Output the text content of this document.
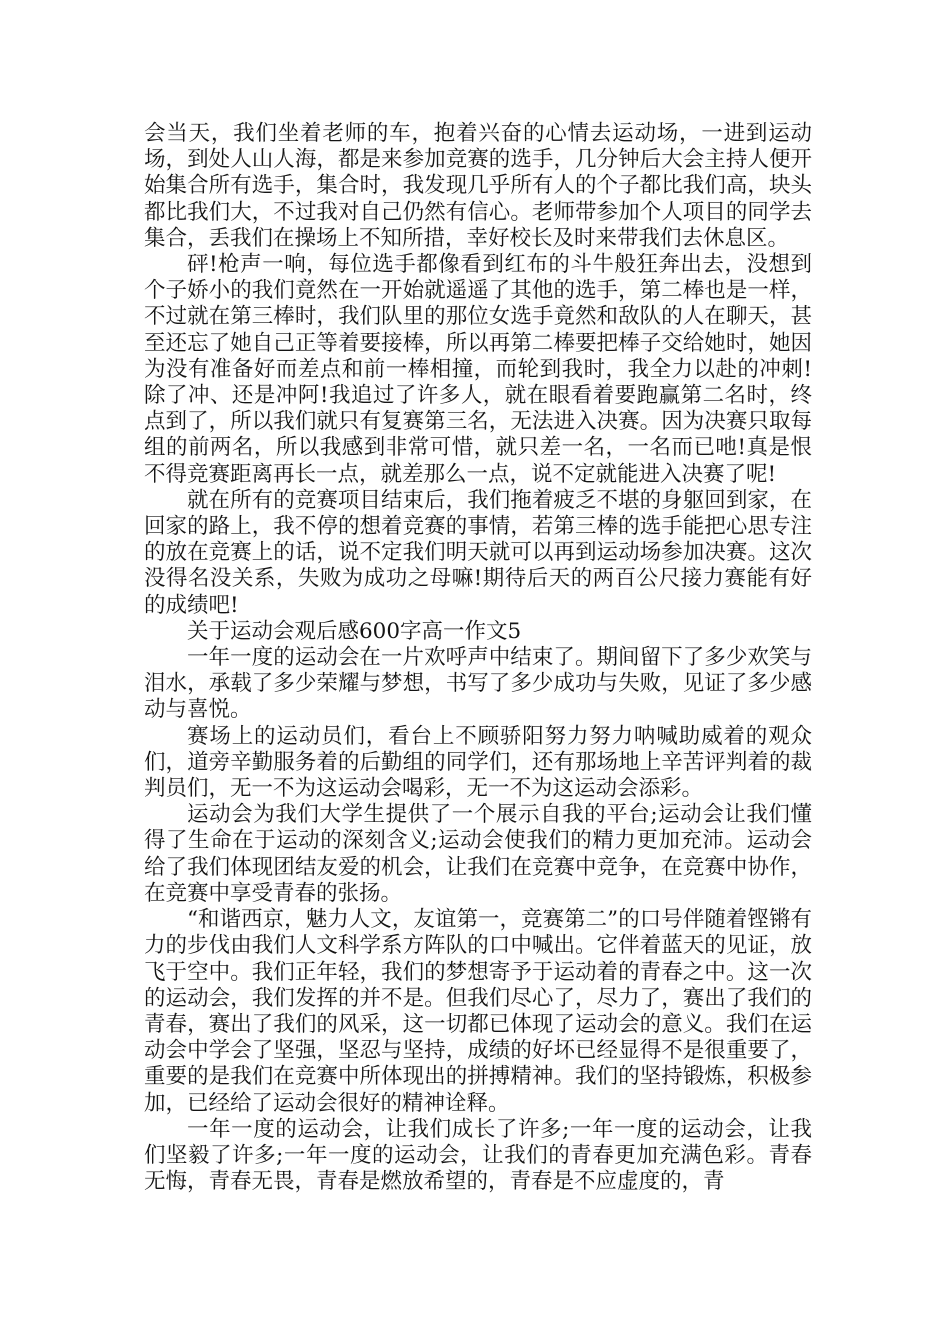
会当天，我们坐着老师的车，抱着兴奋的心情去运动场，一进到运动场，到处人山人海，都是来参加竞赛的选手，几分钟后大会主持人便开始集合所有选手，集合时，我发现几乎所有人的个子都比我们高，块头都比我们大，不过我对自己仍然有信心。老师带参加个人项目的同学去集合，丢我们在操场上不知所措，幸好校长及时来带我们去休息区。

砰!枪声一响，每位选手都像看到红布的斗牛般狂奔出去，没想到个子娇小的我们竟然在一开始就遥遥了其他的选手，第二棒也是一样，不过就在第三棒时，我们队里的那位女选手竟然和敌队的人在聊天，甚至还忘了她自己正等着要接棒，所以再第二棒要把棒子交给她时，她因为没有准备好而差点和前一棒相撞，而轮到我时，我全力以赴的冲刺!除了冲、还是冲阿!我追过了许多人，就在眼看着要跑赢第二名时，终点到了，所以我们就只有复赛第三名，无法进入决赛。因为决赛只取每组的前两名，所以我感到非常可惜，就只差一名，一名而已吔!真是恨不得竞赛距离再长一点，就差那么一点，说不定就能进入决赛了呢!

就在所有的竞赛项目结束后，我们拖着疲乏不堪的身躯回到家，在回家的路上，我不停的想着竞赛的事情，若第三棒的选手能把心思专注的放在竞赛上的话，说不定我们明天就可以再到运动场参加决赛。这次没得名没关系，失败为成功之母嘛!期待后天的两百公尺接力赛能有好的成绩吧!

关于运动会观后感600字高一作文5

一年一度的运动会在一片欢呼声中结束了。期间留下了多少欢笑与泪水，承载了多少荣耀与梦想，书写了多少成功与失败，见证了多少感动与喜悦。

赛场上的运动员们，看台上不顾骄阳努力努力呐喊助威着的观众们，道旁辛勤服务着的后勤组的同学们，还有那场地上辛苦评判着的裁判员们，无一不为这运动会喝彩，无一不为这运动会添彩。

运动会为我们大学生提供了一个展示自我的平台;运动会让我们懂得了生命在于运动的深刻含义;运动会使我们的精力更加充沛。运动会给了我们体现团结友爱的机会，让我们在竞赛中竞争，在竞赛中协作，在竞赛中享受青春的张扬。

“和谐西京，魅力人文，友谊第一，竞赛第二”的口号伴随着铿锵有力的步伐由我们人文科学系方阵队的口中喊出。它伴着蓝天的见证，放飞于空中。我们正年轻，我们的梦想寄予于运动着的青春之中。这一次的运动会，我们发挥的并不是。但我们尽心了，尽力了，赛出了我们的青春，赛出了我们的风采，这一切都已体现了运动会的意义。我们在运动会中学会了坚强，坚忍与坚持，成绩的好坏已经显得不是很重要了，重要的是我们在竞赛中所体现出的拼搏精神。我们的坚持锻炼，积极参加，已经给了运动会很好的精神诠释。

一年一度的运动会，让我们成长了许多;一年一度的运动会，让我们坚毅了许多;一年一度的运动会，让我们的青春更加充满色彩。青春无悔，青春无畏，青春是燃放希望的，青春是不应虚度的，青
